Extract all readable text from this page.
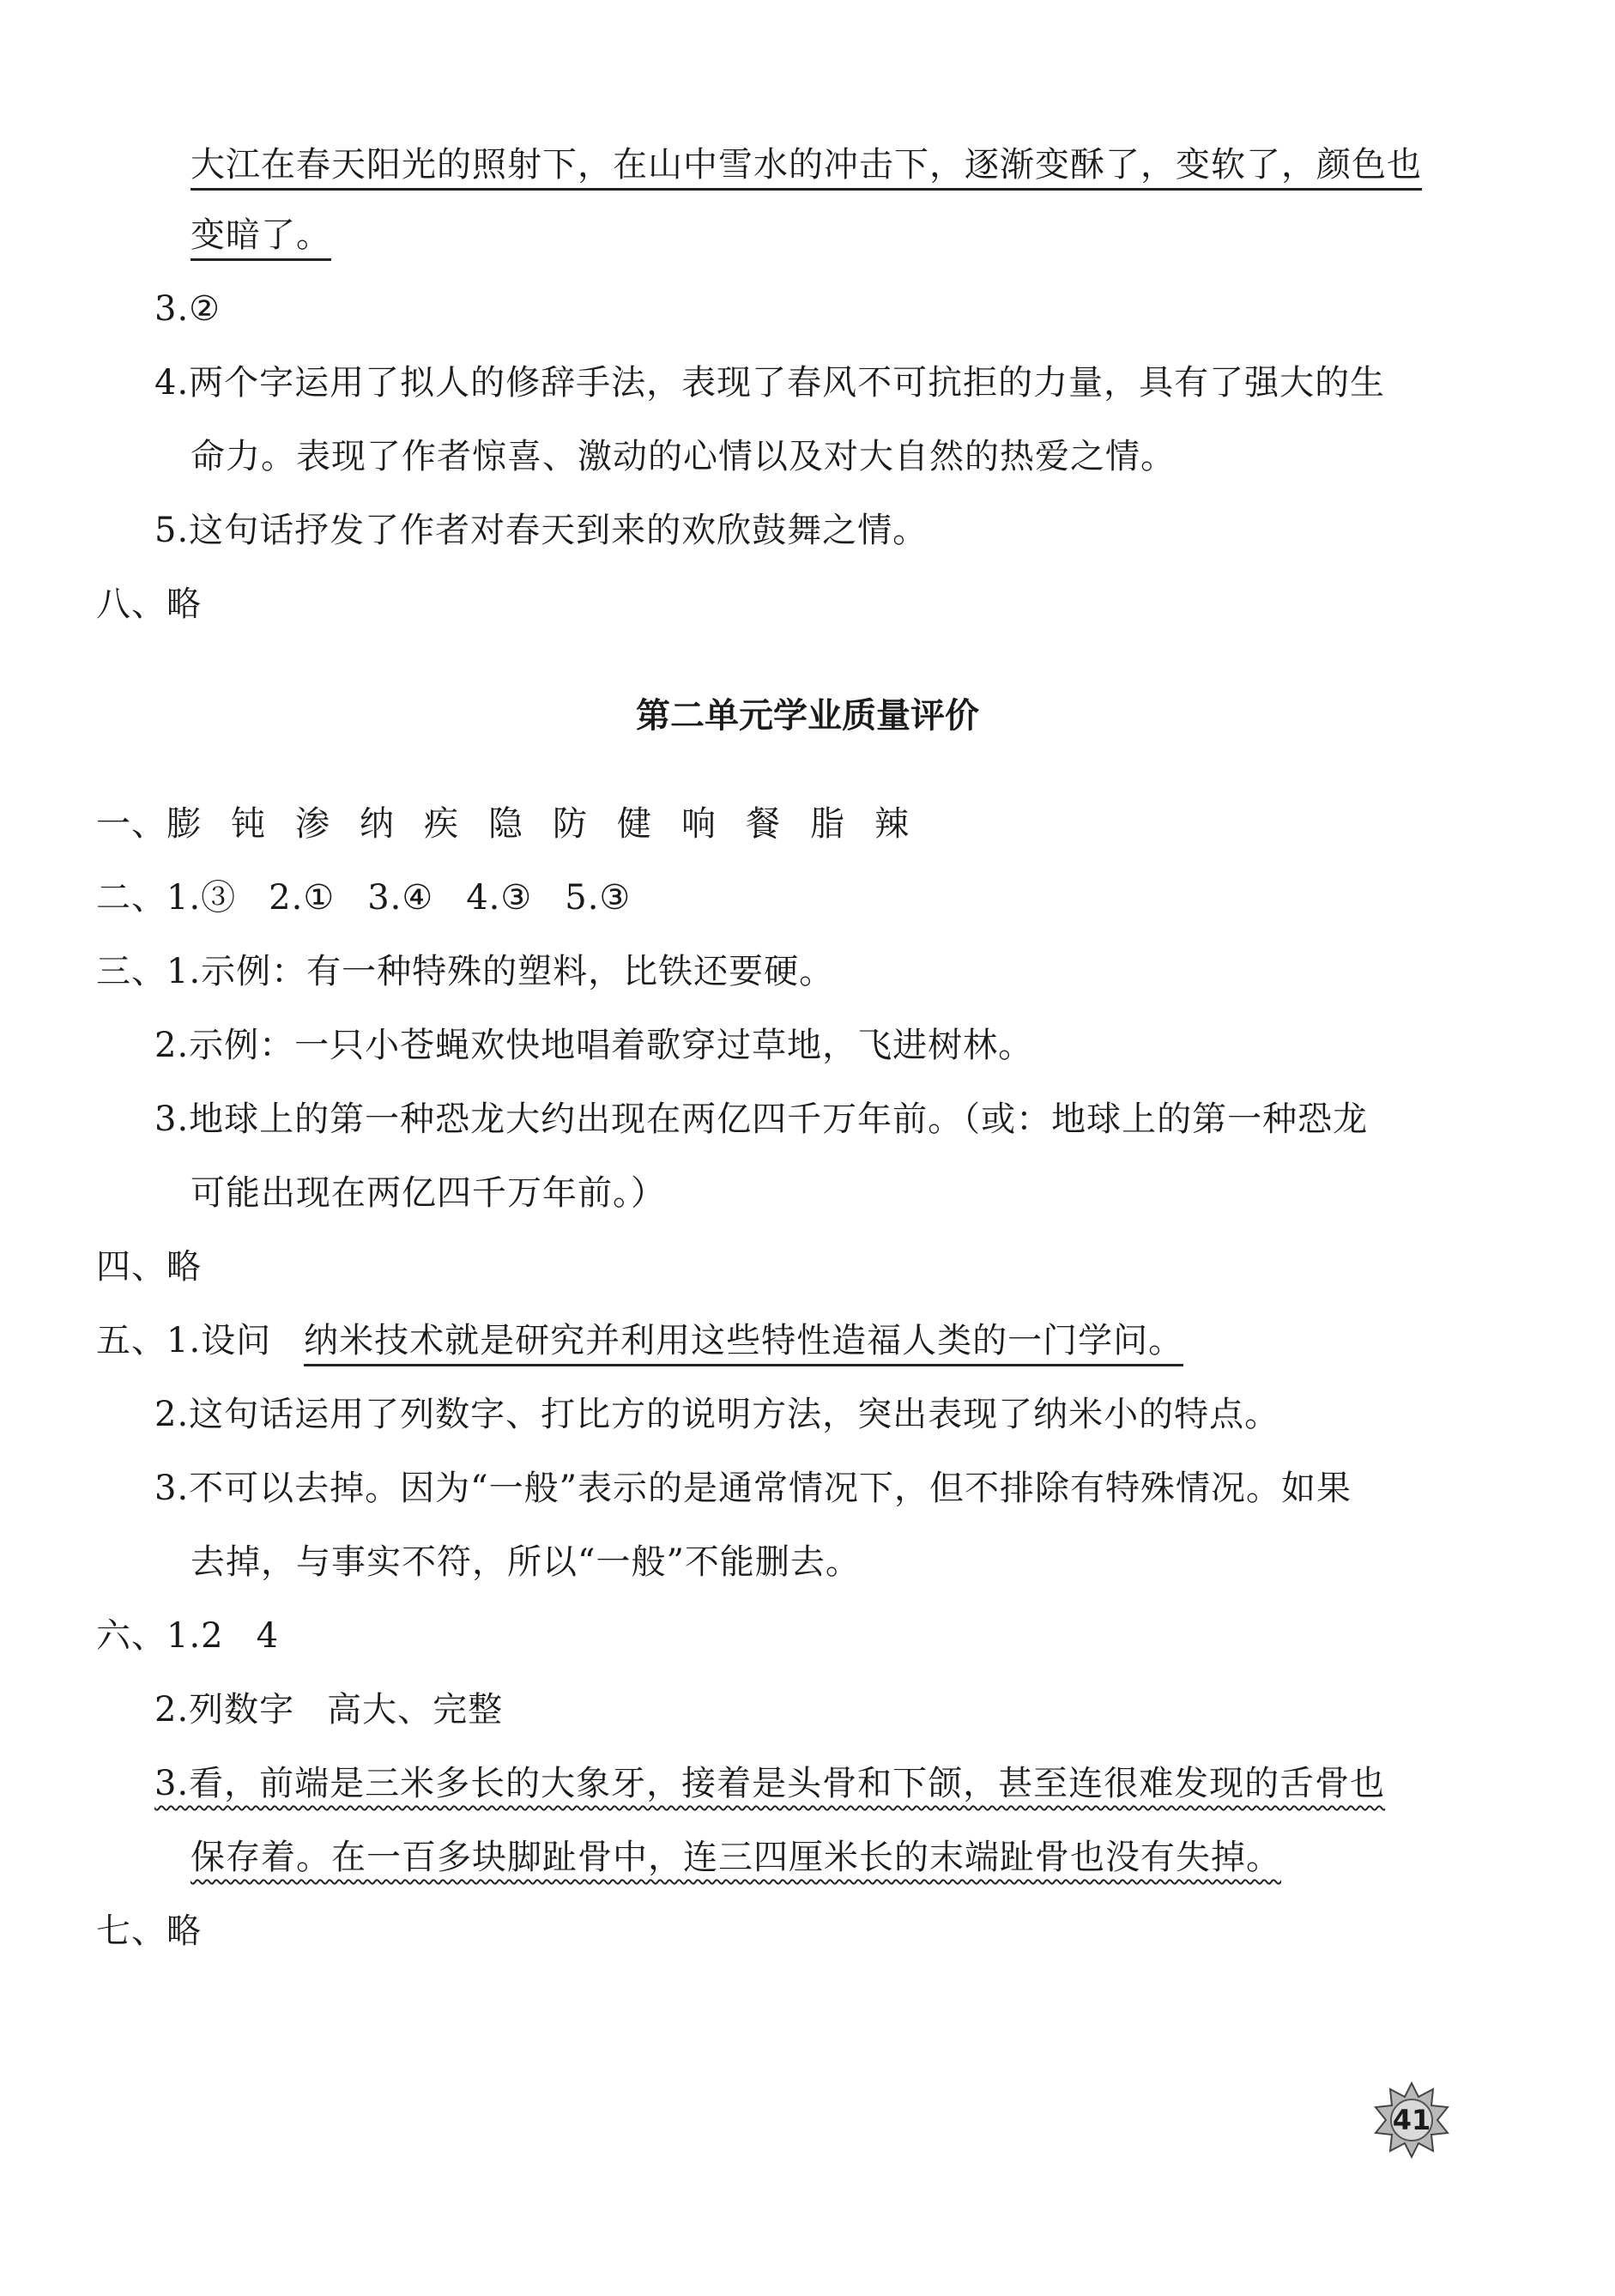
大江在春天阳光的照射下，在山中雪水的冲击下，逐渐变酥了，变软了，颜色也
变暗了。
3.②
4.两个字运用了拟人的修辞手法，表现了春风不可抗拒的力量，具有了强大的生
命力。表现了作者惊喜、激动的心情以及对大自然的热爱之情。
5.这句话抒发了作者对春天到来的欢欣鼓舞之情。
八、略
第二单元学业质量评价
一、膨 钝 渗 纳 疾 隐 防 健 响 餐 脂 辣
二、1.③ 2.① 3.④ 4.③ 5.③
三、1.示例：有一种特殊的塑料，比铁还要硬。
2.示例：一只小苍蝇欢快地唱着歌穿过草地，飞进树林。
3.地球上的第一种恐龙大约出现在两亿四千万年前。（或：地球上的第一种恐龙
可能出现在两亿四千万年前。）
四、略
五、1.设问 纳米技术就是研究并利用这些特性造福人类的一门学问。
2.这句话运用了列数字、打比方的说明方法，突出表现了纳米小的特点。
3.不可以去掉。因为“一般”表示的是通常情况下，但不排除有特殊情况。如果
去掉，与事实不符，所以“一般”不能删去。
六、1.2 4
2.列数字 高大、完整
3.看，前端是三米多长的大象牙，接着是头骨和下颌，甚至连很难发现的舌骨也
保存着。在一百多块脚趾骨中，连三四厘米长的末端趾骨也没有失掉。
七、略
41
